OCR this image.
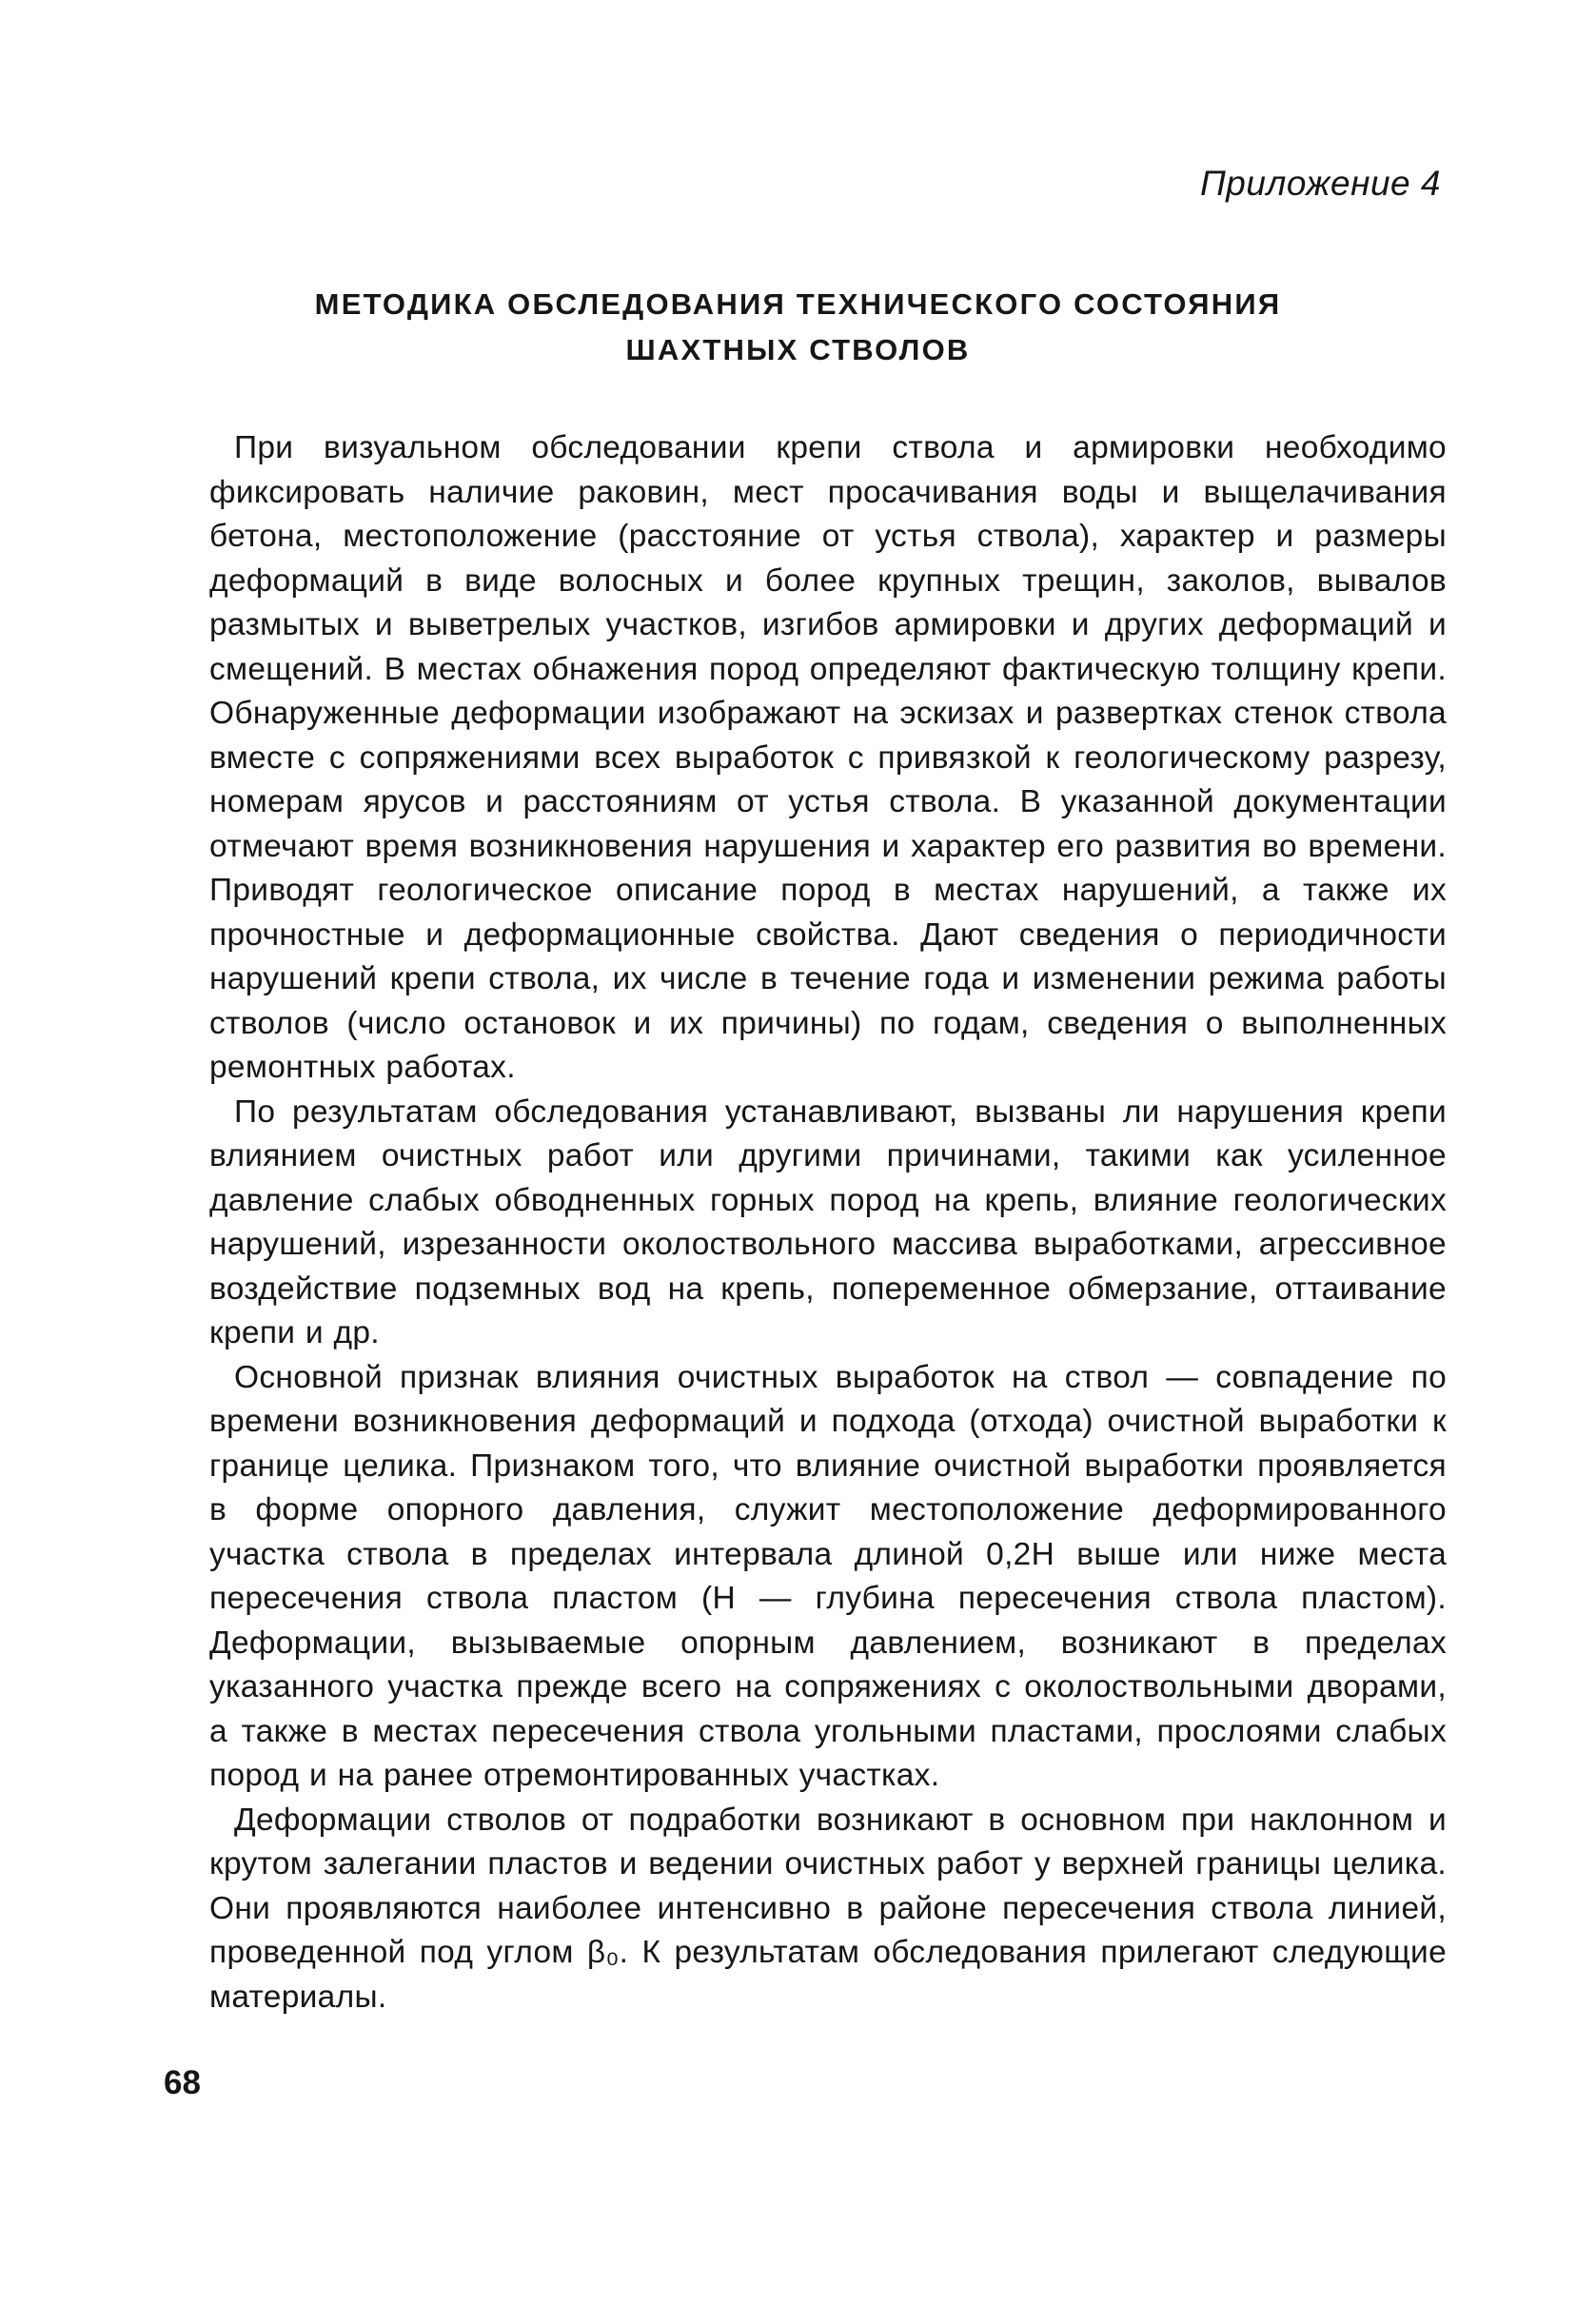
Приложение 4

МЕТОДИКА ОБСЛЕДОВАНИЯ ТЕХНИЧЕСКОГО СОСТОЯНИЯ
ШАХТНЫХ СТВОЛОВ

При визуальном обследовании крепи ствола и армировки необходимо фиксировать наличие раковин, мест просачивания воды и выщелачивания бетона, местоположение (расстояние от устья ствола), характер и размеры деформаций в виде волосных и более крупных трещин, заколов, вывалов размытых и выветрелых участков, изгибов армировки и других деформаций и смещений. В местах обнажения пород определяют фактическую толщину крепи. Обнаруженные деформации изображают на эскизах и развертках стенок ствола вместе с сопряжениями всех выработок с привязкой к геологическому разрезу, номерам ярусов и расстояниям от устья ствола. В указанной документации отмечают время возникновения нарушения и характер его развития во времени. Приводят геологическое описание пород в местах нарушений, а также их прочностные и деформационные свойства. Дают сведения о периодичности нарушений крепи ствола, их числе в течение года и изменении режима работы стволов (число остановок и их причины) по годам, сведения о выполненных ремонтных работах.

По результатам обследования устанавливают, вызваны ли нарушения крепи влиянием очистных работ или другими причинами, такими как усиленное давление слабых обводненных горных пород на крепь, влияние геологических нарушений, изрезанности околоствольного массива выработками, агрессивное воздействие подземных вод на крепь, попеременное обмерзание, оттаивание крепи и др.

Основной признак влияния очистных выработок на ствол — совпадение по времени возникновения деформаций и подхода (отхода) очистной выработки к границе целика. Признаком того, что влияние очистной выработки проявляется в форме опорного давления, служит местоположение деформированного участка ствола в пределах интервала длиной 0,2H выше или ниже места пересечения ствола пластом (H — глубина пересечения ствола пластом). Деформации, вызываемые опорным давлением, возникают в пределах указанного участка прежде всего на сопряжениях с околоствольными дворами, а также в местах пересечения ствола угольными пластами, прослоями слабых пород и на ранее отремонтированных участках.

Деформации стволов от подработки возникают в основном при наклонном и крутом залегании пластов и ведении очистных работ у верхней границы целика. Они проявляются наиболее интенсивно в районе пересечения ствола линией, проведенной под углом β₀. К результатам обследования прилегают следующие материалы.

68
